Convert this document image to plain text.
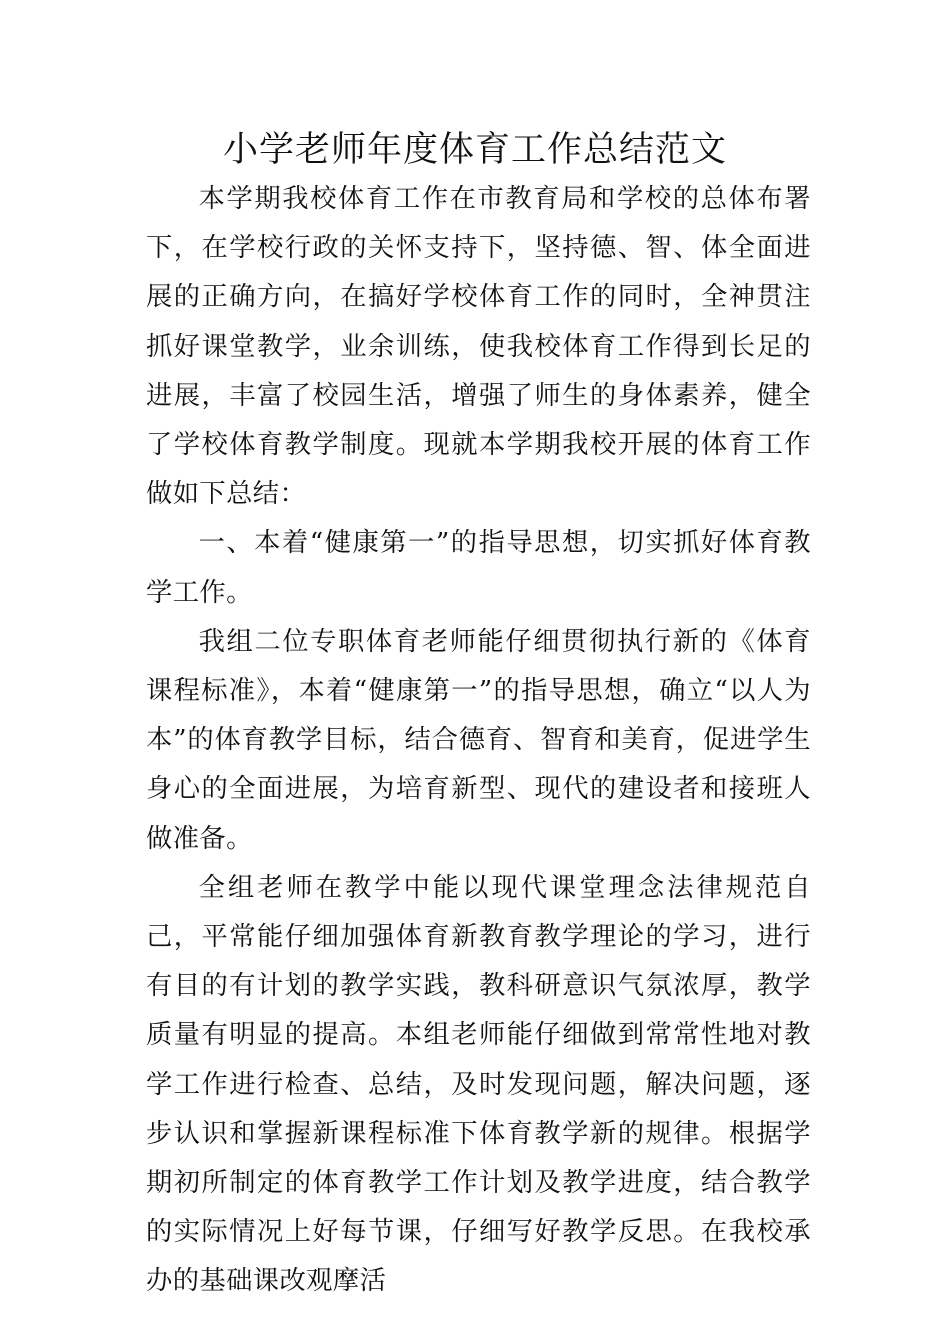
小学老师年度体育工作总结范文

本学期我校体育工作在市教育局和学校的总体布署下，在学校行政的关怀支持下，坚持德、智、体全面进展的正确方向，在搞好学校体育工作的同时，全神贯注抓好课堂教学，业余训练，使我校体育工作得到长足的进展，丰富了校园生活，增强了师生的身体素养，健全了学校体育教学制度。现就本学期我校开展的体育工作做如下总结：

一、本着“健康第一”的指导思想，切实抓好体育教学工作。

我组二位专职体育老师能仔细贯彻执行新的《体育课程标准》，本着“健康第一”的指导思想，确立“以人为本”的体育教学目标，结合德育、智育和美育，促进学生身心的全面进展，为培育新型、现代的建设者和接班人做准备。

全组老师在教学中能以现代课堂理念法律规范自己，平常能仔细加强体育新教育教学理论的学习，进行有目的有计划的教学实践，教科研意识气氛浓厚，教学质量有明显的提高。本组老师能仔细做到常常性地对教学工作进行检查、总结，及时发现问题，解决问题，逐步认识和掌握新课程标准下体育教学新的规律。根据学期初所制定的体育教学工作计划及教学进度，结合教学的实际情况上好每节课，仔细写好教学反思。在我校承办的基础课改观摩活
